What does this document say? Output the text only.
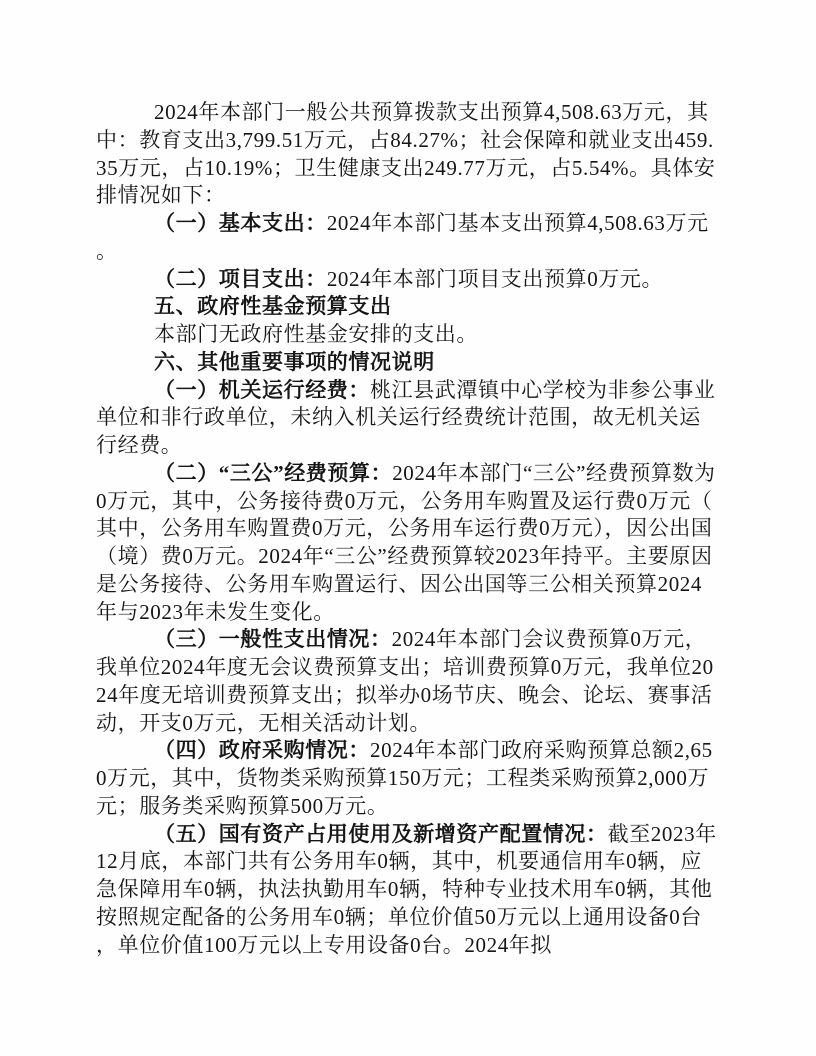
2024年本部门一般公共预算拨款支出预算4,508.63万元，其中：教育支出3,799.51万元，占84.27%；社会保障和就业支出459.35万元，占10.19%；卫生健康支出249.77万元，占5.54%。具体安排情况如下：

（一）基本支出：2024年本部门基本支出预算4,508.63万元。

（二）项目支出：2024年本部门项目支出预算0万元。

五、政府性基金预算支出

本部门无政府性基金安排的支出。

六、其他重要事项的情况说明

（一）机关运行经费：桃江县武潭镇中心学校为非参公事业单位和非行政单位，未纳入机关运行经费统计范围，故无机关运行经费。

（二）“三公”经费预算：2024年本部门“三公”经费预算数为0万元，其中，公务接待费0万元，公务用车购置及运行费0万元（其中，公务用车购置费0万元，公务用车运行费0万元），因公出国（境）费0万元。2024年“三公”经费预算较2023年持平。主要原因是公务接待、公务用车购置运行、因公出国等三公相关预算2024年与2023年未发生变化。

（三）一般性支出情况：2024年本部门会议费预算0万元，我单位2024年度无会议费预算支出；培训费预算0万元，我单位2024年度无培训费预算支出；拟举办0场节庆、晚会、论坛、赛事活动，开支0万元，无相关活动计划。

（四）政府采购情况：2024年本部门政府采购预算总额2,650万元，其中，货物类采购预算150万元；工程类采购预算2,000万元；服务类采购预算500万元。

（五）国有资产占用使用及新增资产配置情况：截至2023年12月底，本部门共有公务用车0辆，其中，机要通信用车0辆，应急保障用车0辆，执法执勤用车0辆，特种专业技术用车0辆，其他按照规定配备的公务用车0辆；单位价值50万元以上通用设备0台，单位价值100万元以上专用设备0台。2024年拟
